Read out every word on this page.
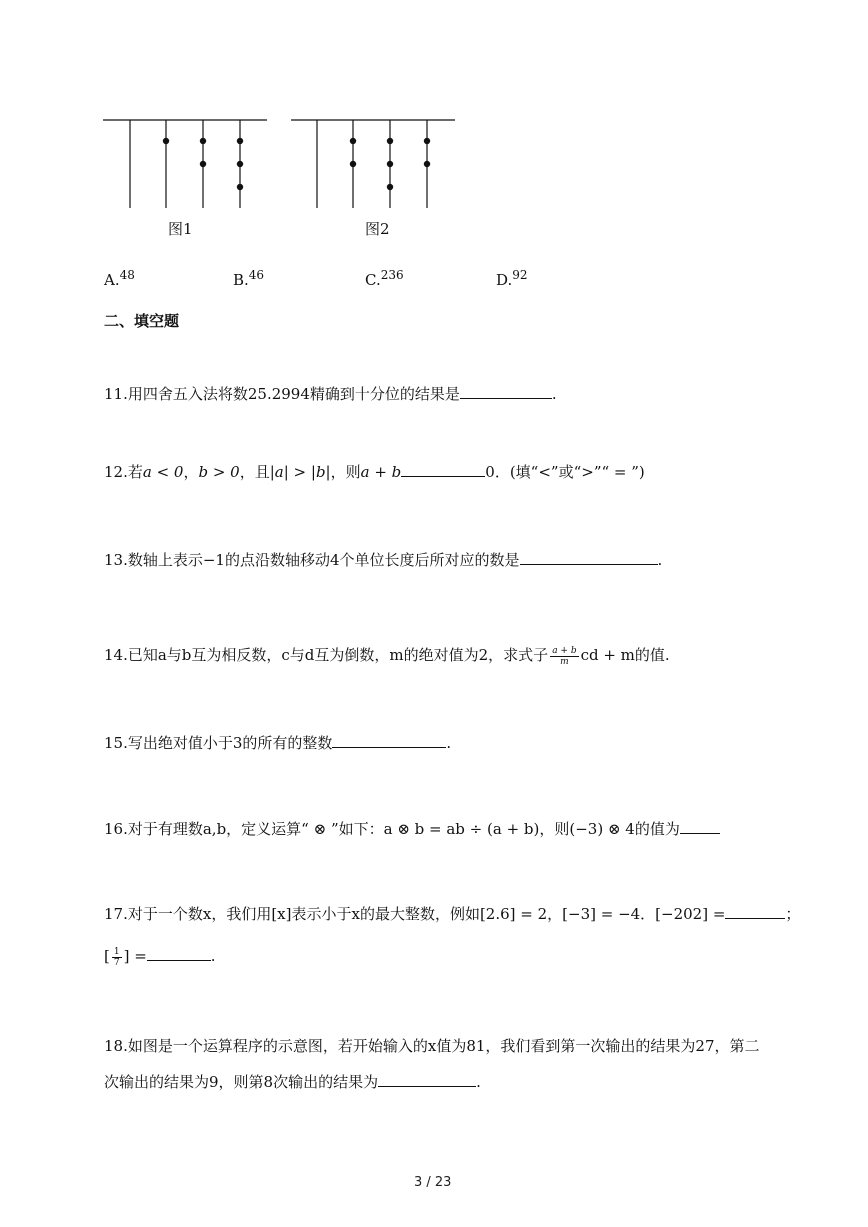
图1	图2
A.$^{48}$	B.$^{46}$	C.$^{236}$	D.$^{92}$
二、填空题
11.用四舍五入法将数25.2994精确到十分位的结果是	.
12.若a < 0，b > 0，且|a| > |b|，则a + b	0．(填“<”或“>”“ = ”)
13.数轴上表示−1的点沿数轴移动4个单位长度后所对应的数是	.
14.已知a与b互为相反数，c与d互为倒数，m的绝对值为2，求式子 $\frac{a + b}{m}$ cd + m的值.
15.写出绝对值小于3的所有的整数	.
16.对于有理数a,b，定义运算“ ⊗ ”如下：a ⊗ b = ab ÷ (a + b)，则(−3) ⊗ 4的值为
17.对于一个数x，我们用[x]表示小于x的最大整数，例如[2.6] = 2，[−3] = −4．[−202] =	；
[ $\frac{1}{7}$ ] =	.
18.如图是一个运算程序的示意图，若开始输入的x值为81，我们看到第一次输出的结果为27，第二
次输出的结果为9，则第8次输出的结果为	.
3 / 23
